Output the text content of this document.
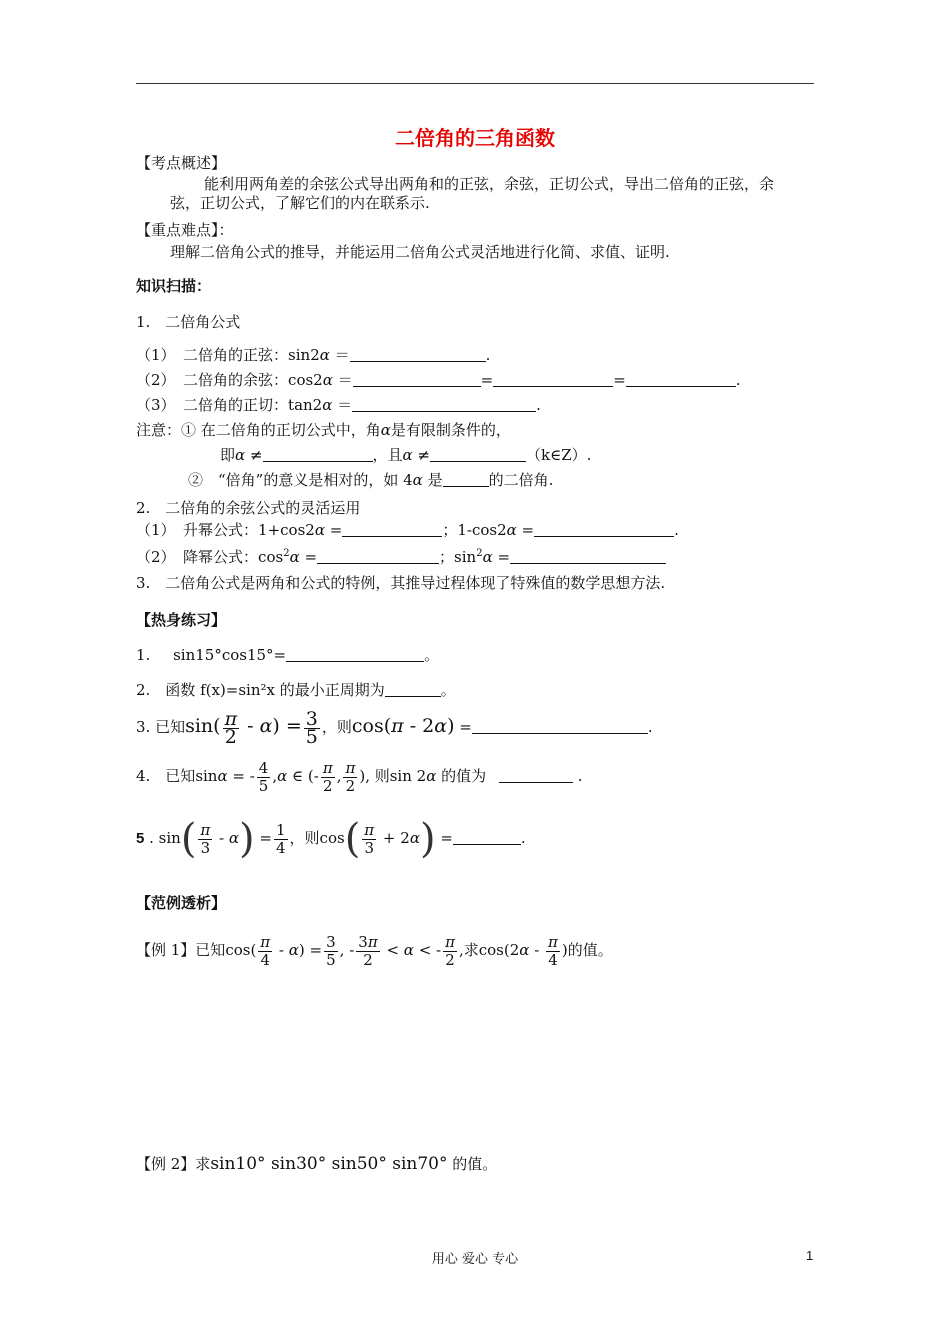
二倍角的三角函数
【考点概述】
能利用两角差的余弦公式导出两角和的正弦，余弦，正切公式，导出二倍角的正弦，余
弦，正切公式，了解它们的内在联系示.
【重点难点】：
理解二倍角公式的推导，并能运用二倍角公式灵活地进行化简、求值、证明.
知识扫描：
1.　二倍角公式
（1）　二倍角的正弦：sin2α ＝	.
（2）　二倍角的余弦：cos2α ＝	=	=	.
（3）　二倍角的正切：tan2α ＝	.
注意：① 在二倍角的正切公式中，角α是有限制条件的，
即α ≠	，且α ≠	（k∈Z）.
②　“倍角”的意义是相对的，如 4α 是	的二倍角.
2.　二倍角的余弦公式的灵活运用
（1）　升幂公式：1+cos2α =	；1-cos2α =	.
（2）　降幂公式：$\cos^2\alpha$ =	；$\sin^2\alpha$ =
3.　二倍角公式是两角和公式的特例，其推导过程体现了特殊值的数学思想方法.
【热身练习】
1. sin15°cos15°=	。
2.　函数 f(x)=sin²x 的最小正周期为	。
3. 已知$\sin( \frac{\pi}{2} - \alpha) = \frac{3}{5}$ ，则cos(π - 2α) =	.
4.　已知sinα = - $\frac{4}{5} ,\alpha$ ∈ (- $\frac{\pi}{2}$ , $\frac{\pi}{2}$ ), 则sin 2α 的值为	.
5 . $\sin( \frac{\pi}{3} - \alpha) = \frac{1}{4}$ ，则$\cos( \frac{\pi}{3} + 2\alpha)$ =	.
【范例透析】
【例 1】已知$\cos( \frac{\pi}{4} - \alpha) = \frac{3}{5}$ , - $\frac{3\pi}{2} < \alpha$ < - $\frac{\pi}{2}$ ,求$\cos(2\alpha - \frac{\pi}{4}$ )的值。
【例 2】求sin10° sin30° sin50° sin70° 的值。
用心 爱心 专心	1
